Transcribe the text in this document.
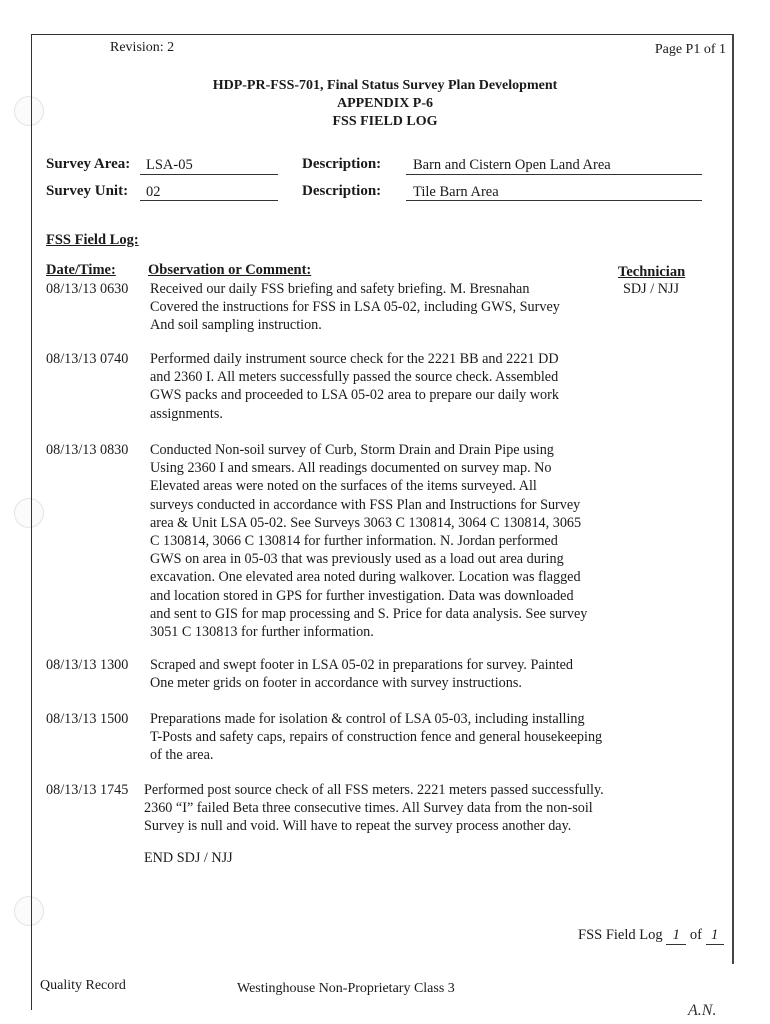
Revision: 2	Page P1 of 1
HDP-PR-FSS-701, Final Status Survey Plan Development
APPENDIX P-6
FSS FIELD LOG
Survey Area: LSA-05	Description: Barn and Cistern Open Land Area
Survey Unit: 02	Description: Tile Barn Area
FSS Field Log:
Date/Time: Observation or Comment:	Technician
08/13/13 0630	Received our daily FSS briefing and safety briefing. M. Bresnahan
Covered the instructions for FSS in LSA 05-02, including GWS, Survey
And soil sampling instruction.
SDJ / NJJ
08/13/13 0740	Performed daily instrument source check for the 2221 BB and 2221 DD
and 2360 I. All meters successfully passed the source check. Assembled
GWS packs and proceeded to LSA 05-02 area to prepare our daily work
assignments.
08/13/13 0830	Conducted Non-soil survey of Curb, Storm Drain and Drain Pipe using
Using 2360 I and smears. All readings documented on survey map. No
Elevated areas were noted on the surfaces of the items surveyed. All
surveys conducted in accordance with FSS Plan and Instructions for Survey
area & Unit LSA 05-02. See Surveys 3063 C 130814, 3064 C 130814, 3065
C 130814, 3066 C 130814 for further information. N. Jordan performed
GWS on area in 05-03 that was previously used as a load out area during
excavation. One elevated area noted during walkover. Location was flagged
and location stored in GPS for further investigation. Data was downloaded
and sent to GIS for map processing and S. Price for data analysis. See survey
3051 C 130813 for further information.
08/13/13 1300	Scraped and swept footer in LSA 05-02 in preparations for survey. Painted
One meter grids on footer in accordance with survey instructions.
08/13/13 1500	Preparations made for isolation & control of LSA 05-03, including installing
T-Posts and safety caps, repairs of construction fence and general housekeeping
of the area.
08/13/13 1745	Performed post source check of all FSS meters. 2221 meters passed successfully.
2360 “I” failed Beta three consecutive times. All Survey data from the non-soil
Survey is null and void. Will have to repeat the survey process another day.
END SDJ / NJJ
FSS Field Log 1 of 1
Quality Record	Westinghouse Non-Proprietary Class 3
A.N.
